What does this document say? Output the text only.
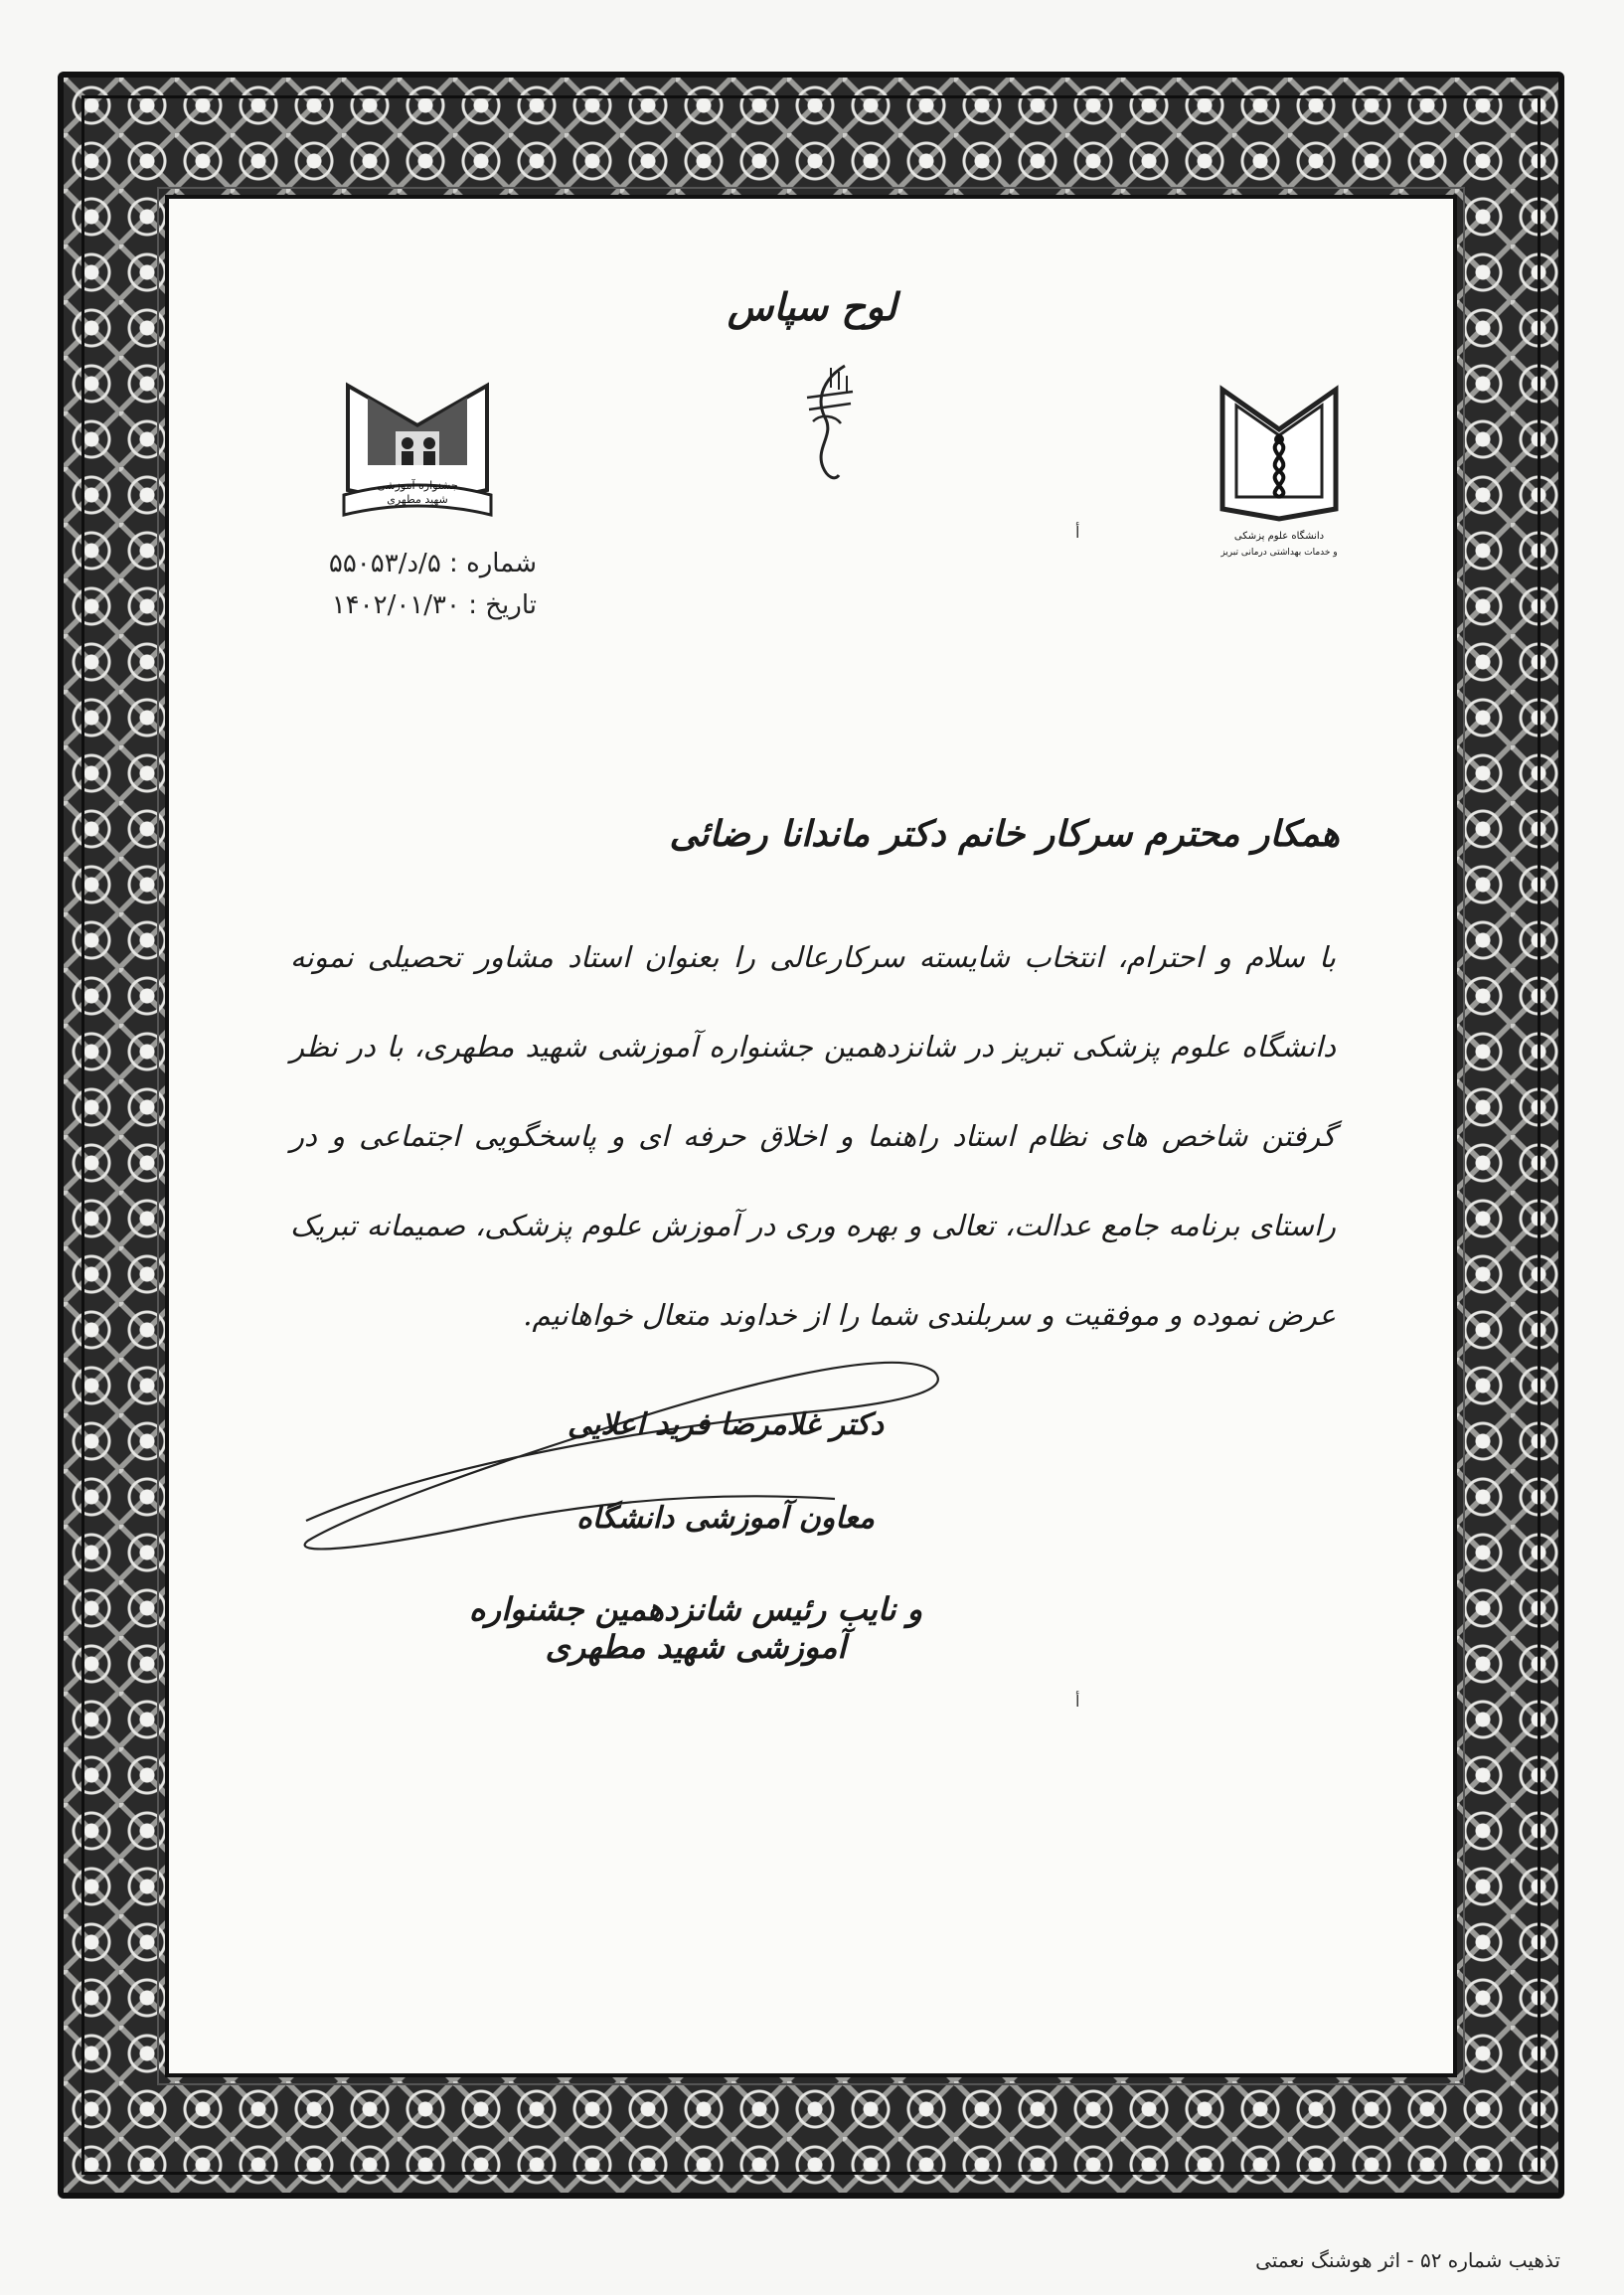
لوح سپاس
جشنواره آموزشی
شهید مطهری
دانشگاه علوم پزشکی
و خدمات بهداشتی درمانی تبریز
أ
شماره : ۵/د/۵۵۰۵۳
تاریخ : ۱۴۰۲/۰۱/۳۰
همکار محترم سرکار خانم دکتر ماندانا رضائی
با سلام و احترام، انتخاب شایسته سرکارعالی را بعنوان استاد مشاور تحصیلی نمونه دانشگاه علوم پزشکی تبریز در شانزدهمین جشنواره آموزشی شهید مطهری، با در نظر گرفتن شاخص های نظام استاد راهنما و اخلاق حرفه ای و پاسخگویی اجتماعی و در راستای برنامه جامع عدالت، تعالی و بهره وری در آموزش علوم پزشکی، صمیمانه تبریک عرض نموده و موفقیت و سربلندی شما را از خداوند متعال خواهانیم.
دکتر غلامرضا فرید اعلایی
معاون آموزشی دانشگاه
و نایب رئیس شانزدهمین جشنواره آموزشی شهید مطهری
أ
تذهیب شماره ۵۲ - اثر هوشنگ نعمتی
